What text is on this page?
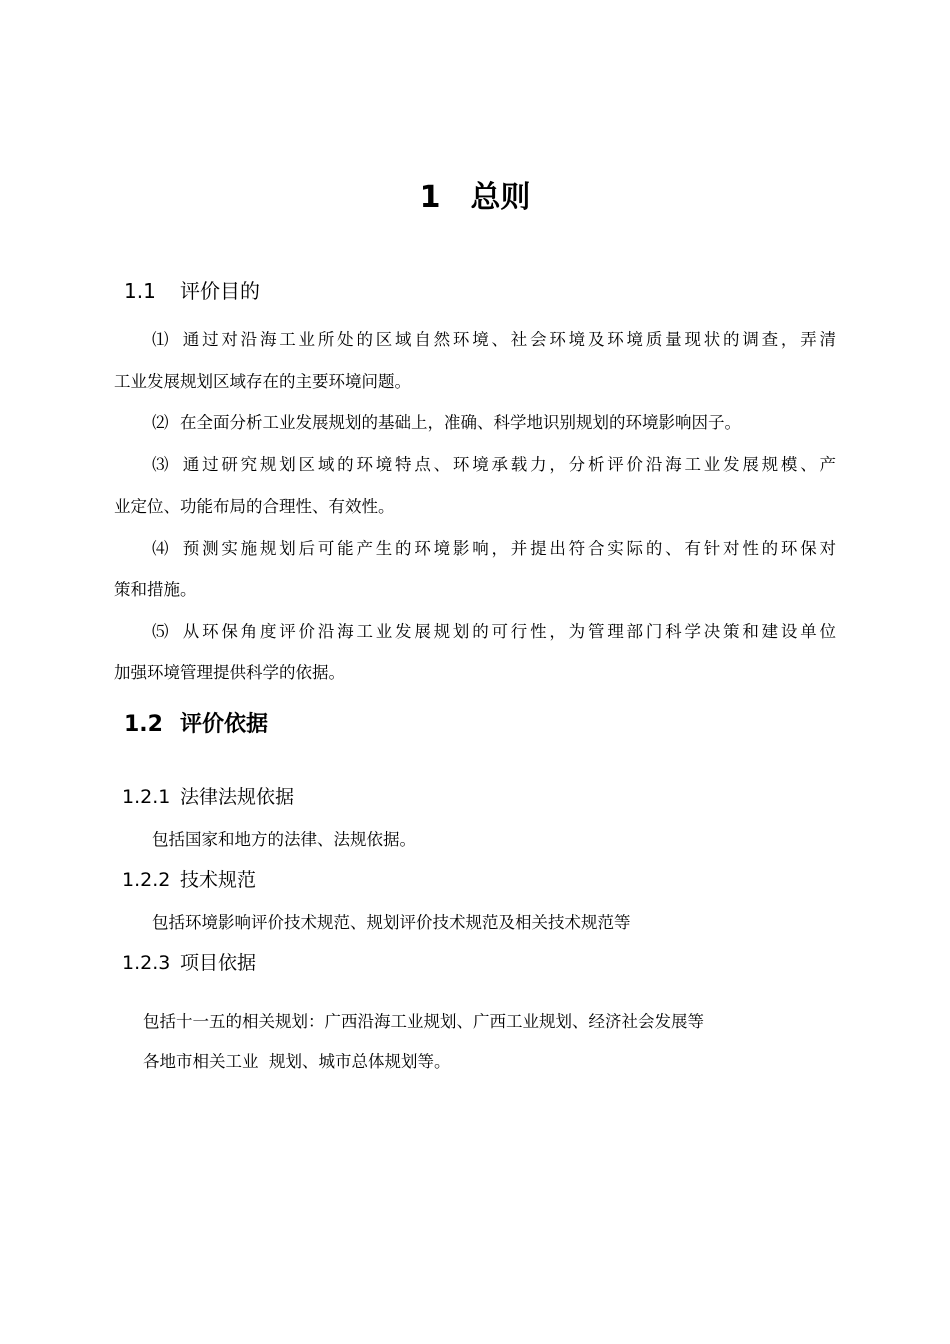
1 总则
1.1 评价目的
⑴ 通过对沿海工业所处的区域自然环境、社会环境及环境质量现状的调查，弄清
工业发展规划区域存在的主要环境问题。
⑵ 在全面分析工业发展规划的基础上，准确、科学地识别规划的环境影响因子。
⑶ 通过研究规划区域的环境特点、环境承载力，分析评价沿海工业发展规模、产
业定位、功能布局的合理性、有效性。
⑷ 预测实施规划后可能产生的环境影响，并提出符合实际的、有针对性的环保对
策和措施。
⑸ 从环保角度评价沿海工业发展规划的可行性，为管理部门科学决策和建设单位
加强环境管理提供科学的依据。
1.2 评价依据
1.2.1 法律法规依据
包括国家和地方的法律、法规依据。
1.2.2 技术规范
包括环境影响评价技术规范、规划评价技术规范及相关技术规范等
1.2.3 项目依据
包括十一五的相关规划：广西沿海工业规划、广西工业规划、经济社会发展等
各地市相关工业  规划、城市总体规划等。
